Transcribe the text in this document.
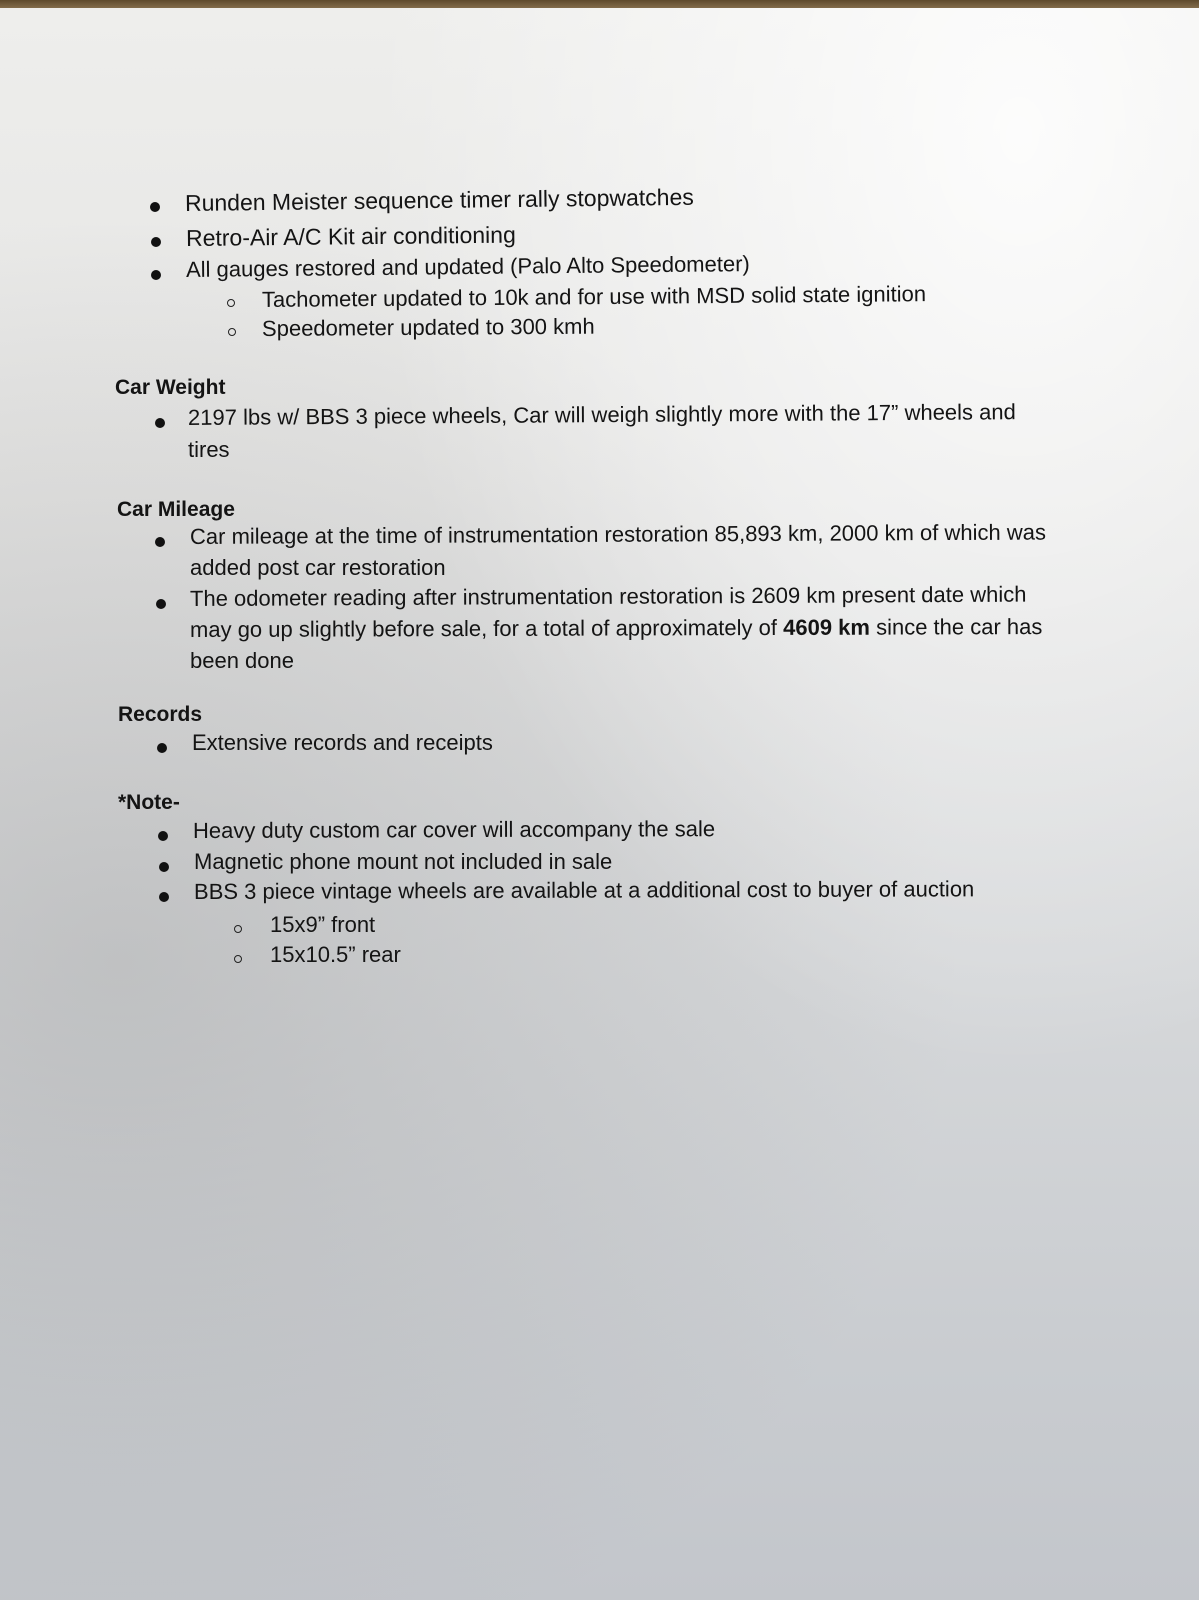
Runden Meister sequence timer rally stopwatches
Retro-Air A/C Kit air conditioning
All gauges restored and updated (Palo Alto Speedometer)
Tachometer updated to 10k and for use with MSD solid state ignition
Speedometer updated to 300 kmh
Car Weight
2197 lbs w/ BBS 3 piece wheels, Car will weigh slightly more with the 17” wheels and
tires
Car Mileage
Car mileage at the time of instrumentation restoration 85,893 km, 2000 km of which was
added post car restoration
The odometer reading after instrumentation restoration is 2609 km present date which
may go up slightly before sale, for a total of approximately of 4609 km since the car has
been done
Records
Extensive records and receipts
*Note-
Heavy duty custom car cover will accompany the sale
Magnetic phone mount not included in sale
BBS 3 piece vintage wheels are available at a additional cost to buyer of auction
15x9” front
15x10.5” rear
